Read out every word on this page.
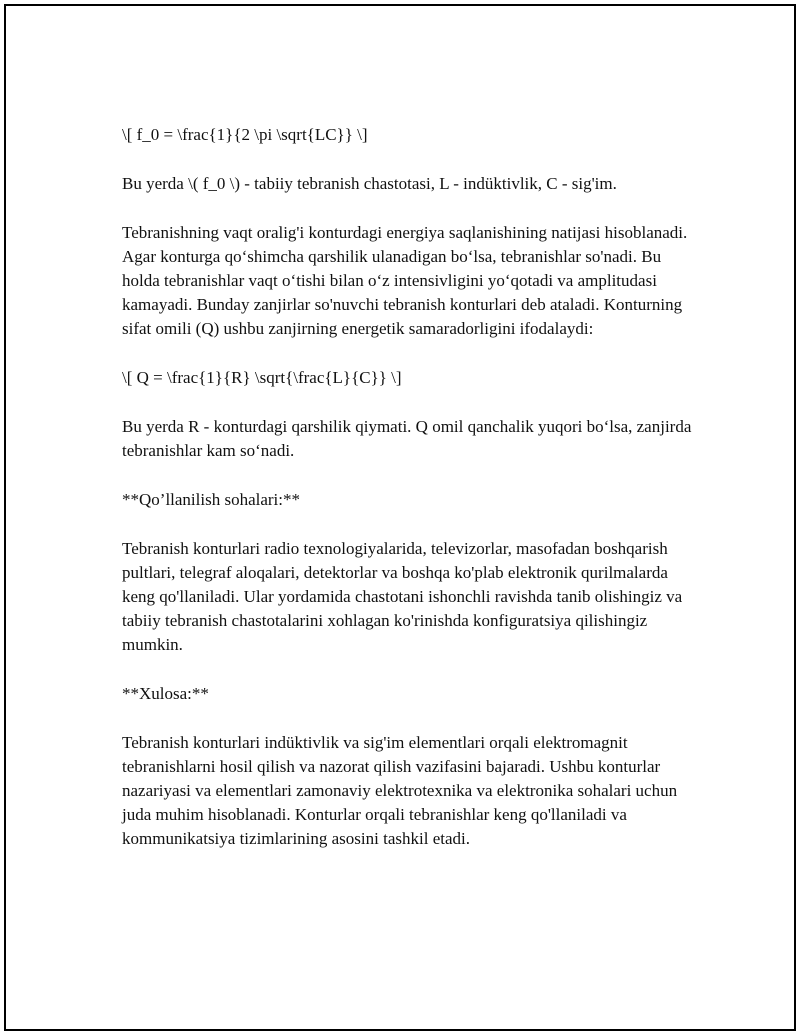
\[ f_0 = \frac{1}{2 \pi \sqrt{LC}} \]

Bu yerda \( f_0 \) - tabiiy tebranish chastotasi, L - indüktivlik, C - sig'im.

Tebranishning vaqt oralig'i konturdagi energiya saqlanishining natijasi hisoblanadi. Agar konturga qo‘shimcha qarshilik ulanadigan bo‘lsa, tebranishlar so'nadi. Bu holda tebranishlar vaqt o‘tishi bilan o‘z intensivligini yo‘qotadi va amplitudasi kamayadi. Bunday zanjirlar so'nuvchi tebranish konturlari deb ataladi. Konturning sifat omili (Q) ushbu zanjirning energetik samaradorligini ifodalaydi:

\[ Q = \frac{1}{R} \sqrt{\frac{L}{C}} \]

Bu yerda R - konturdagi qarshilik qiymati. Q omil qanchalik yuqori bo‘lsa, zanjirda tebranishlar kam so‘nadi.

**Qo’llanilish sohalari:**

Tebranish konturlari radio texnologiyalarida, televizorlar, masofadan boshqarish pultlari, telegraf aloqalari, detektorlar va boshqa ko'plab elektronik qurilmalarda keng qo'llaniladi. Ular yordamida chastotani ishonchli ravishda tanib olishingiz va tabiiy tebranish chastotalarini xohlagan ko'rinishda konfiguratsiya qilishingiz mumkin.

**Xulosa:**

Tebranish konturlari indüktivlik va sig'im elementlari orqali elektromagnit tebranishlarni hosil qilish va nazorat qilish vazifasini bajaradi. Ushbu konturlar nazariyasi va elementlari zamonaviy elektrotexnika va elektronika sohalari uchun juda muhim hisoblanadi. Konturlar orqali tebranishlar keng qo'llaniladi va kommunikatsiya tizimlarining asosini tashkil etadi.
